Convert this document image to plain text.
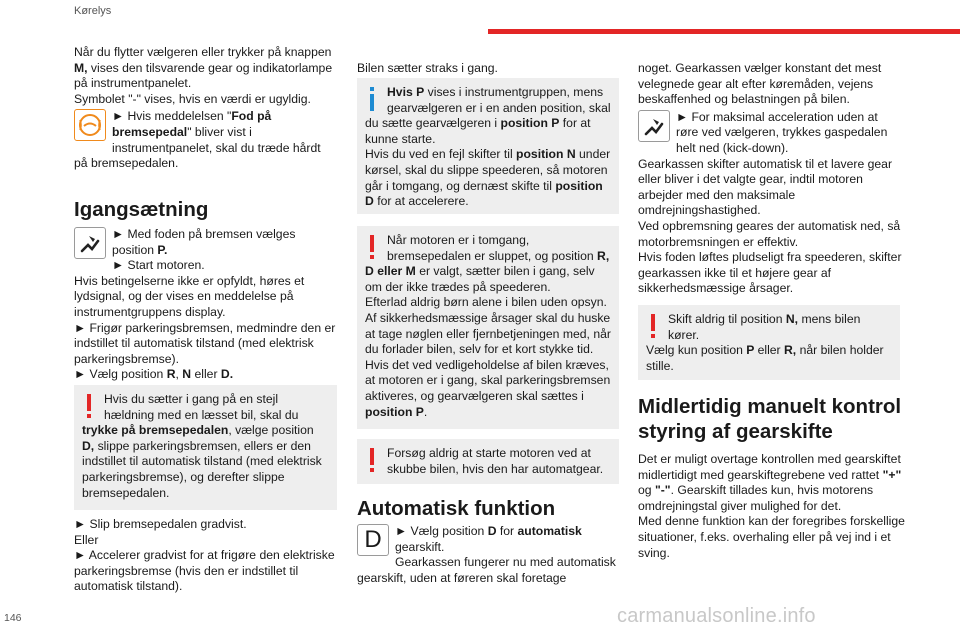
Kørelys
146	carmanualsonline.info

Når du flytter vælgeren eller trykker på knappen M, vises den tilsvarende gear og indikatorlampe på instrumentpanelet.

Symbolet "-" vises, hvis en værdi er ugyldig.

► Hvis meddelelsen "Fod på bremsepedal" bliver vist i instrumentpanelet, skal du træde hårdt på bremsepedalen.

Igangsætning

► Med foden på bremsen vælges position P.

► Start motoren.

Hvis betingelserne ikke er opfyldt, høres et lydsignal, og der vises en meddelelse på instrumentgruppens display.

► Frigør parkeringsbremsen, medmindre den er indstillet til automatisk tilstand (med elektrisk parkeringsbremse).

► Vælg position R, N eller D.

Hvis du sætter i gang på en stejl hældning med en læsset bil, skal du trykke på bremsepedalen, vælge position D, slippe parkeringsbremsen, ellers er den indstillet til automatisk tilstand (med elektrisk parkeringsbremse), og derefter slippe bremsepedalen.

► Slip bremsepedalen gradvist.

Eller

► Accelerer gradvist for at frigøre den elektriske parkeringsbremse (hvis den er indstillet til automatisk tilstand).

Bilen sætter straks i gang.

Hvis P vises i instrumentgruppen, mens gearvælgeren er i en anden position, skal du sætte gearvælgeren i position P for at kunne starte.

Hvis du ved en fejl skifter til position N under kørsel, skal du slippe speederen, så motoren går i tomgang, og dernæst skifte til position D for at accelerere.

Når motoren er i tomgang, bremsepedalen er sluppet, og position R, D eller M er valgt, sætter bilen i gang, selv om der ikke trædes på speederen.

Efterlad aldrig børn alene i bilen uden opsyn.

Af sikkerhedsmæssige årsager skal du huske at tage nøglen eller fjernbetjeningen med, når du forlader bilen, selv for et kort stykke tid.

Hvis det ved vedligeholdelse af bilen kræves, at motoren er i gang, skal parkeringsbremsen aktiveres, og gearvælgeren skal sættes i position P.

Forsøg aldrig at starte motoren ved at skubbe bilen, hvis den har automatgear.

Automatisk funktion
D	► Vælg position D for automatisk gearskift.

Gearkassen fungerer nu med automatisk gearskift, uden at føreren skal foretage

noget. Gearkassen vælger konstant det mest velegnede gear alt efter køremåden, vejens beskaffenhed og belastningen på bilen.

► For maksimal acceleration uden at røre ved vælgeren, trykkes gaspedalen helt ned (kick-down).

Gearkassen skifter automatisk til et lavere gear eller bliver i det valgte gear, indtil motoren arbejder med den maksimale omdrejningshastighed.

Ved opbremsning geares der automatisk ned, så motorbremsningen er effektiv.

Hvis foden løftes pludseligt fra speederen, skifter gearkassen ikke til et højere gear af sikkerhedsmæssige årsager.

Skift aldrig til position N, mens bilen kører.

Vælg kun position P eller R, når bilen holder stille.

Midlertidig manuelt kontrol styring af gearskifte

Det er muligt overtage kontrollen med gearskiftet midlertidigt med gearskiftegrebene ved rattet "+" og "-". Gearskift tillades kun, hvis motorens omdrejningstal giver mulighed for det.

Med denne funktion kan der foregribes forskellige situationer, f.eks. overhaling eller på vej ind i et sving.
